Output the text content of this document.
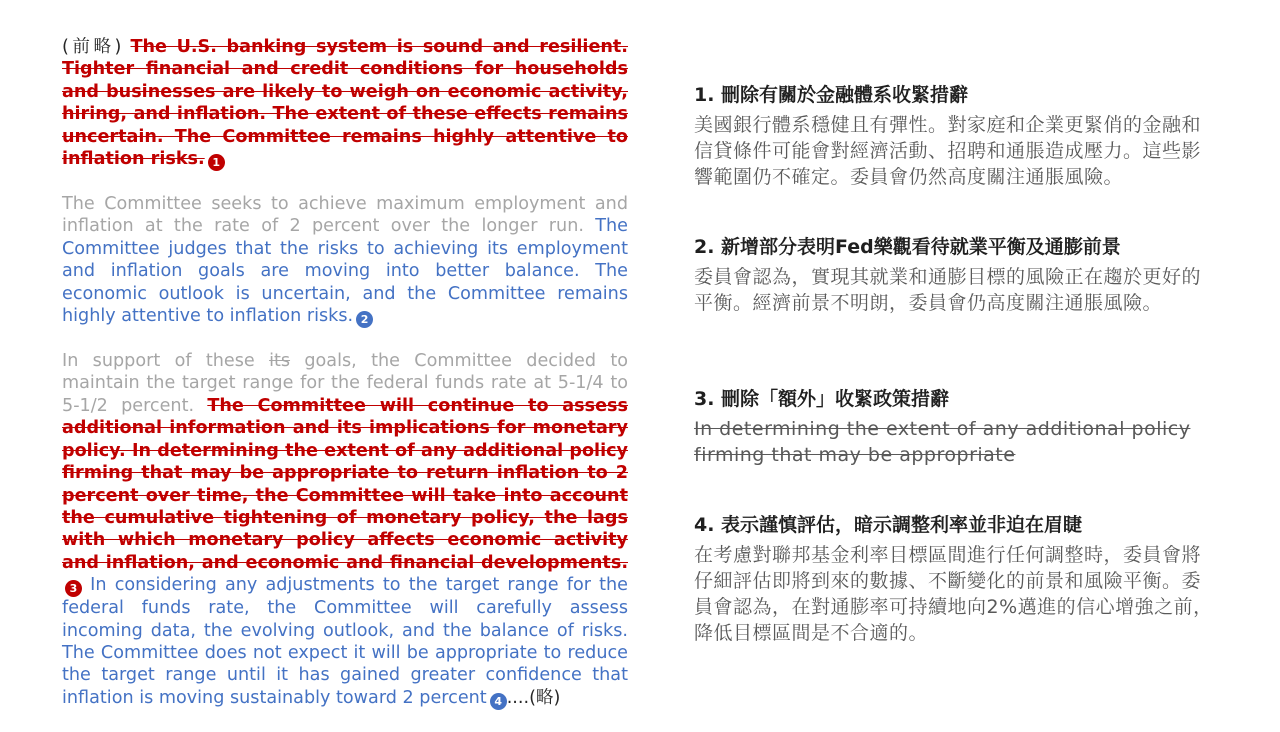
(前略) The U.S. banking system is sound and resilient. Tighter financial and credit conditions for households and businesses are likely to weigh on economic activity, hiring, and inflation. The extent of these effects remains uncertain. The Committee remains highly attentive to inflation risks. 1

The Committee seeks to achieve maximum employment and inflation at the rate of 2 percent over the longer run. The Committee judges that the risks to achieving its employment and inflation goals are moving into better balance. The economic outlook is uncertain, and the Committee remains highly attentive to inflation risks. 2

In support of these its goals, the Committee decided to maintain the target range for the federal funds rate at 5-1/4 to 5-1/2 percent. The Committee will continue to assess additional information and its implications for monetary policy. In determining the extent of any additional policy firming that may be appropriate to return inflation to 2 percent over time, the Committee will take into account the cumulative tightening of monetary policy, the lags with which monetary policy affects economic activity and inflation, and economic and financial developments.3 In considering any adjustments to the target range for the federal funds rate, the Committee will carefully assess incoming data, the evolving outlook, and the balance of risks. The Committee does not expect it will be appropriate to reduce the target range until it has gained greater confidence that inflation is moving sustainably toward 2 percent 4 ....(略)

1. 刪除有關於金融體系收緊措辭
美國銀行體系穩健且有彈性。對家庭和企業更緊俏的金融和信貸條件可能會對經濟活動、招聘和通脹造成壓力。這些影響範圍仍不確定。委員會仍然高度關注通脹風險。
2. 新增部分表明Fed樂觀看待就業平衡及通膨前景
委員會認為，實現其就業和通膨目標的風險正在趨於更好的平衡。經濟前景不明朗，委員會仍高度關注通脹風險。
3. 刪除「額外」收緊政策措辭
In determining the extent of any additional policy firming that may be appropriate
4. 表示謹慎評估，暗示調整利率並非迫在眉睫
在考慮對聯邦基金利率目標區間進行任何調整時，委員會將仔細評估即將到來的數據、不斷變化的前景和風險平衡。委員會認為，在對通膨率可持續地向2%邁進的信心增強之前，降低目標區間是不合適的。
